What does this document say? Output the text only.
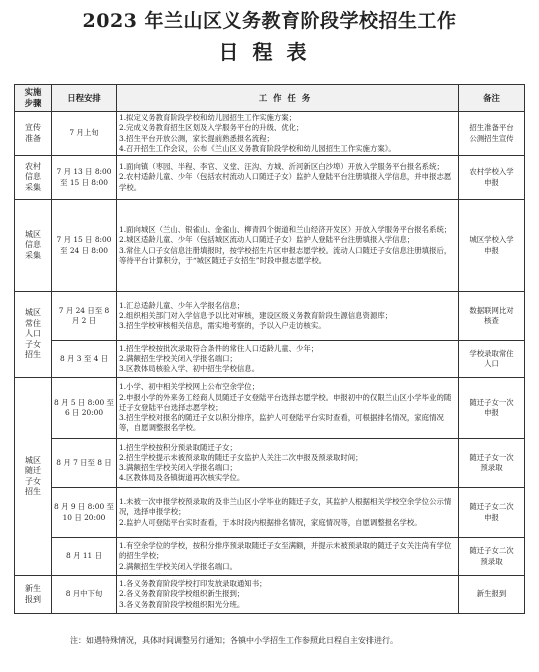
2023 年兰山区义务教育阶段学校招生工作
日程表
实施步骤	日程安排	工作任务	备注

宣传准备	7 月上旬	1.拟定义务教育阶段学校和幼儿园招生工作实施方案；
2.完成义务教育招生区划及入学服务平台的升级、优化；
3.招生平台开放公测，家长提前熟悉报名流程；
4.召开招生工作会议，公布《兰山区义务教育阶段学校和幼儿园招生工作实施方案》。	招生准备平台公测招生宣传

农村信息采集	7 月 13 日 8:00 至 15 日 8:00	1.面向镇（枣园、半程、李官、义堂、汪沟、方城、沂河新区白沙埠）开放入学服务平台报名系统；
2.农村适龄儿童、少年（包括农村流动人口随迁子女）监护人登陆平台注册填报入学信息，并申报志愿学校。	农村学校入学申报

城区信息采集	7 月 15 日 8:00 至 24 日 8:00	1.面向城区（兰山、银雀山、金雀山、柳青四个街道和兰山经济开发区）开放入学服务平台报名系统；
2.城区适龄儿童、少年（包括城区流动人口随迁子女）监护人登陆平台注册填报入学信息；
3.常住人口子女信息注册填报时，按学校招生片区申报志愿学校。流动人口随迁子女信息注册填报后，等待平台计算积分，于“城区随迁子女招生”时段申报志愿学校。	城区学校入学申报

城区常住人口子女招生	7 月 24 日至 8 月 2 日	1.汇总适龄儿童、少年入学报名信息；
2.组织相关部门对入学信息予以比对审核，建设区级义务教育阶段生源信息资源库；
3.招生学校审核相关信息，需实地考察的，予以入户走访核实。	数据联网比对核查

	8 月 3 至 4 日	1.招生学校按批次录取符合条件的常住人口适龄儿童、少年；
2.满额招生学校关闭入学报名端口；
3.区教体局核验入学、初中招生学校信息。	学校录取常住人口

城区随迁子女招生	8 月 5 日 8:00 至 6 日 20:00	1.小学、初中相关学校网上公布空余学位；
2.申报小学的外来务工经商人员随迁子女登陆平台选择志愿学校。申报初中的仅限兰山区小学毕业的随迁子女登陆平台选择志愿学校；
3.招生学校对报名的随迁子女以积分排序，监护人可登陆平台实时查看，可根据排名情况，家庭情况等，自愿调整报名学校。	随迁子女一次申报

	8 月 7 日至 8 日	1.招生学校按积分预录取随迁子女；
2.招生学校提示未被预录取的随迁子女监护人关注二次申报及预录取时间；
3.满额招生学校关闭入学报名端口；
4.区教体局及各镇街道再次核实学位。	随迁子女一次预录取

	8 月 9 日 8:00 至 10 日 20:00	1.未被一次申报学校预录取的及非兰山区小学毕业的随迁子女，其监护人根据相关学校空余学位公示情况，选择申报学校；
2.监护人可登陆平台实时查看，于本时段内根据排名情况，家庭情况等，自愿调整报名学校。	随迁子女二次申报

	8 月 11 日	1.有空余学位的学校，按积分排序预录取随迁子女至满额，并提示未被预录取的随迁子女关注尚有学位的招生学校；
2.满额招生学校关闭入学报名端口。	随迁子女二次预录取

新生报到	8 月中下旬	1.各义务教育阶段学校打印发放录取通知书；
2.各义务教育阶段学校组织新生报到；
3.各义务教育阶段学校组织阳光分班。	新生报到
注：如遇特殊情况，具体时间调整另行通知；各镇中小学招生工作参照此日程自主安排进行。
